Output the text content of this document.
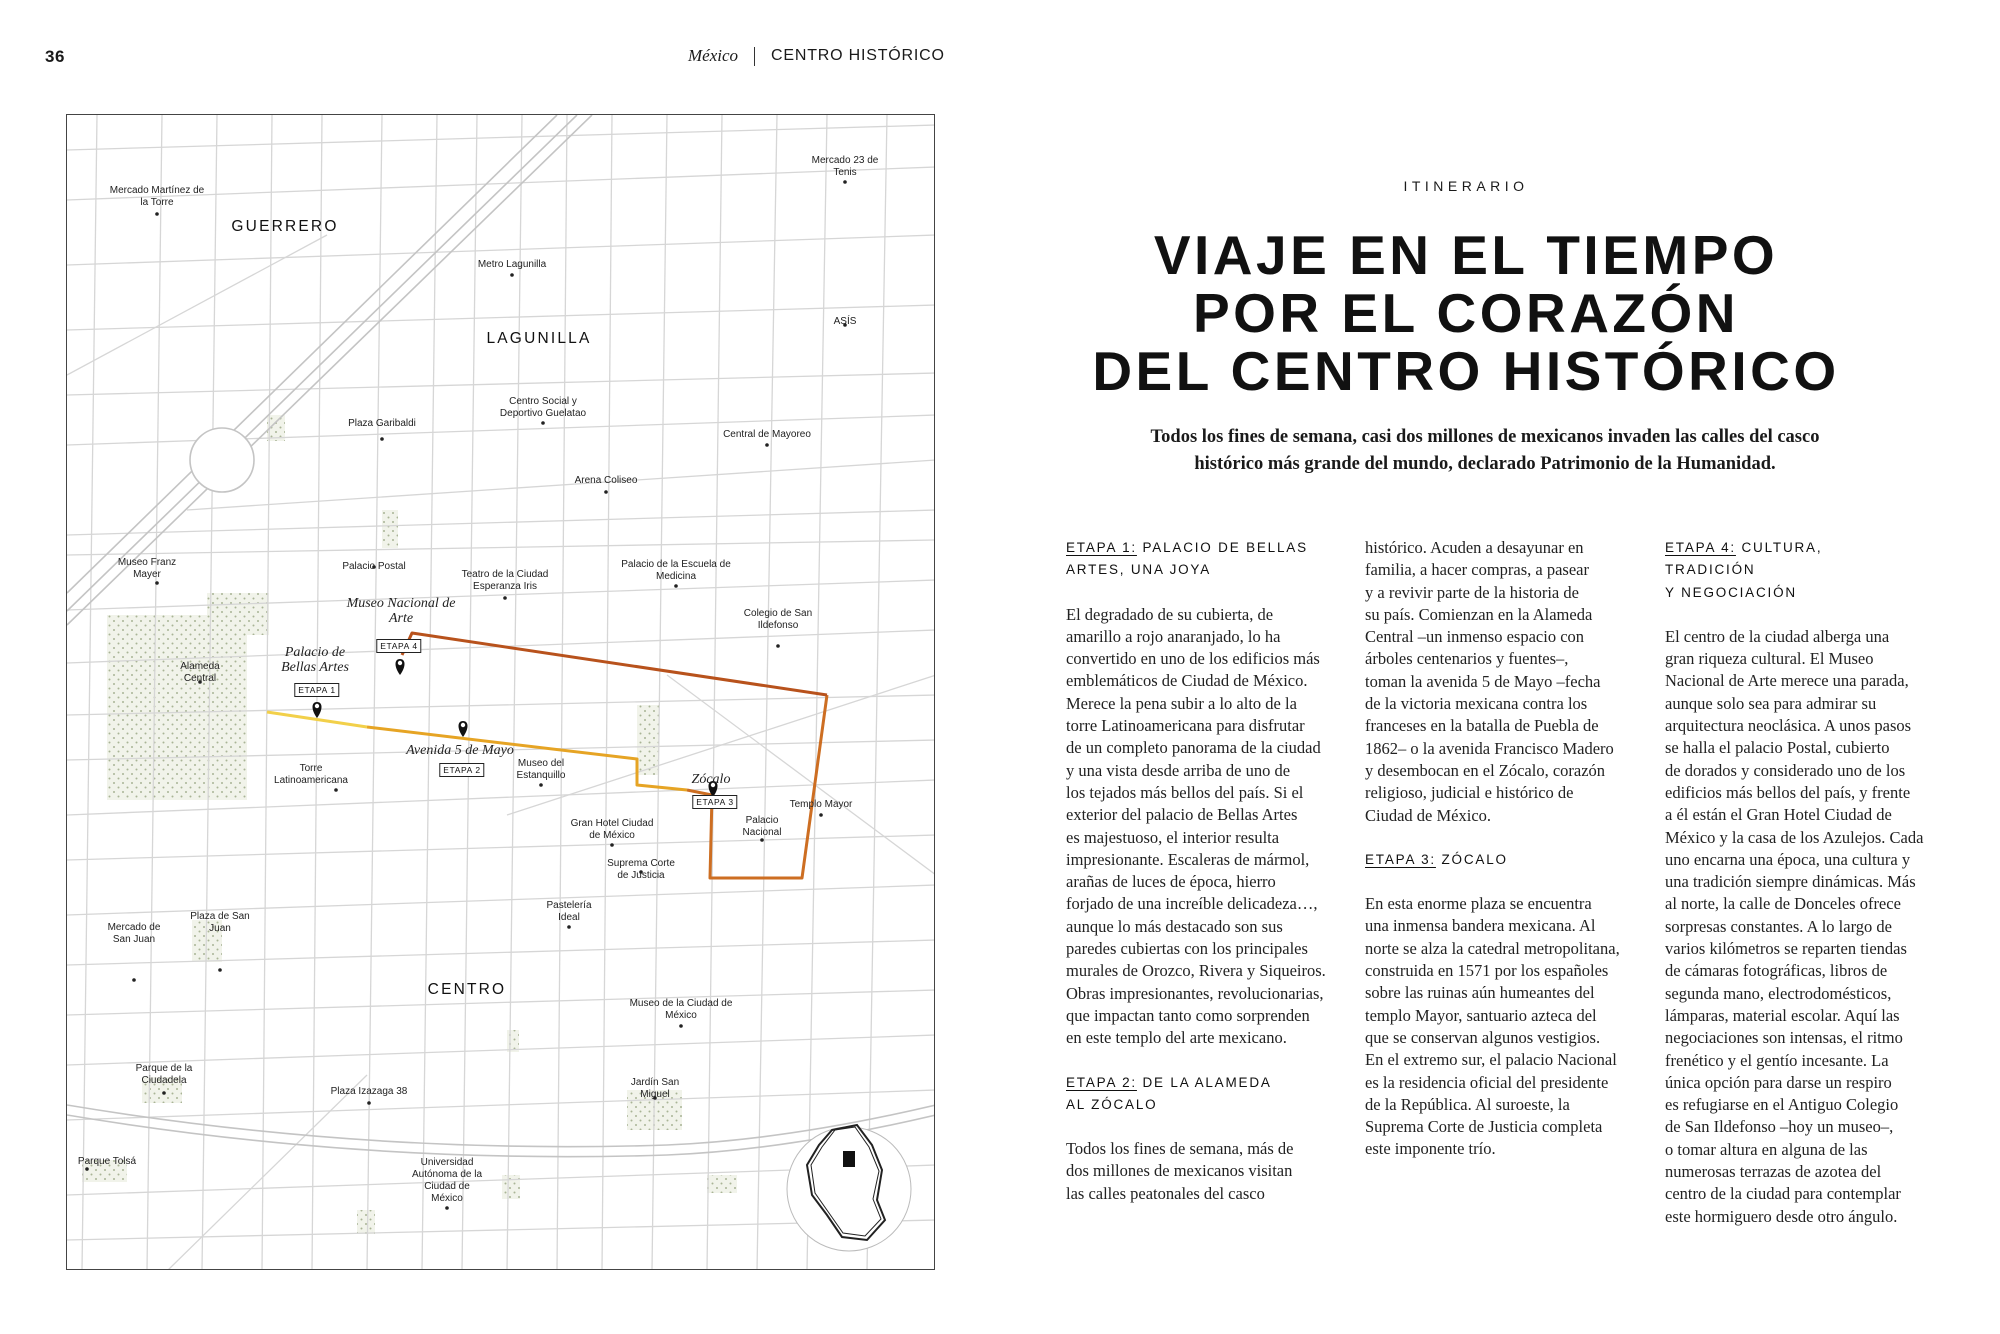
36	México CENTRO HISTÓRICO
GUERRERO
LAGUNILLA
CENTRO
Mercado Martínez de la Torre
Metro Lagunilla
Mercado 23 de Tenis
ASÍS
Plaza Garibaldi
Centro Social y Deportivo Guelatao
Central de Mayoreo
Arena Coliseo
Museo Franz Mayer
Palacio Postal
Teatro de la Ciudad Esperanza Iris
Palacio de la Escuela de Medicina
Colegio de San Ildefonso
Alameda Central
Torre Latinoamericana
Museo del Estanquillo
Templo Mayor
Gran Hotel Ciudad de México
Palacio Nacional
Suprema Corte de Justicia
Pastelería Ideal
Mercado de San Juan
Plaza de San Juan
Museo de la Ciudad de México
Parque de la Ciudadela
Plaza Izazaga 38
Jardín San Miguel
Parque Tolsá	Universidad Autónoma de la Ciudad de México
Palacio de Bellas Artes
ETAPA 1
Avenida 5 de Mayo
ETAPA 2
Zócalo
ETAPA 3
Museo Nacional de Arte
ETAPA 4
ITINERARIO
VIAJE EN EL TIEMPO
POR EL CORAZÓN
DEL CENTRO HISTÓRICO
Todos los fines de semana, casi dos millones de mexicanos invaden las calles del casco
histórico más grande del mundo, declarado Patrimonio de la Humanidad.
ETAPA 1: PALACIO DE BELLAS
ARTES, UNA JOYA

El degradado de su cubierta, de

amarillo a rojo anaranjado, lo ha

convertido en uno de los edificios más

emblemáticos de Ciudad de México.

Merece la pena subir a lo alto de la

torre Latinoamericana para disfrutar

de un completo panorama de la ciudad

y una vista desde arriba de uno de

los tejados más bellos del país. Si el

exterior del palacio de Bellas Artes

es majestuoso, el interior resulta

impresionante. Escaleras de mármol,

arañas de luces de época, hierro

forjado de una increíble delicadeza…,

aunque lo más destacado son sus

paredes cubiertas con los principales

murales de Orozco, Rivera y Siqueiros.

Obras impresionantes, revolucionarias,

que impactan tanto como sorprenden

en este templo del arte mexicano.

ETAPA 2: DE LA ALAMEDA
AL ZÓCALO

Todos los fines de semana, más de

dos millones de mexicanos visitan

las calles peatonales del casco

histórico. Acuden a desayunar en

familia, a hacer compras, a pasear

y a revivir parte de la historia de

su país. Comienzan en la Alameda

Central –un inmenso espacio con

árboles centenarios y fuentes–,

toman la avenida 5 de Mayo –fecha

de la victoria mexicana contra los

franceses en la batalla de Puebla de

1862– o la avenida Francisco Madero

y desembocan en el Zócalo, corazón

religioso, judicial e histórico de

Ciudad de México.

ETAPA 3: ZÓCALO

En esta enorme plaza se encuentra

una inmensa bandera mexicana. Al

norte se alza la catedral metropolitana,

construida en 1571 por los españoles

sobre las ruinas aún humeantes del

templo Mayor, santuario azteca del

que se conservan algunos vestigios.

En el extremo sur, el palacio Nacional

es la residencia oficial del presidente

de la República. Al suroeste, la

Suprema Corte de Justicia completa

este imponente trío.

ETAPA 4: CULTURA, TRADICIÓN
Y NEGOCIACIÓN

El centro de la ciudad alberga una

gran riqueza cultural. El Museo

Nacional de Arte merece una parada,

aunque solo sea para admirar su

arquitectura neoclásica. A unos pasos

se halla el palacio Postal, cubierto

de dorados y considerado uno de los

edificios más bellos del país, y frente

a él están el Gran Hotel Ciudad de

México y la casa de los Azulejos. Cada

uno encarna una época, una cultura y

una tradición siempre dinámicas. Más

al norte, la calle de Donceles ofrece

sorpresas constantes. A lo largo de

varios kilómetros se reparten tiendas

de cámaras fotográficas, libros de

segunda mano, electrodomésticos,

lámparas, material escolar. Aquí las

negociaciones son intensas, el ritmo

frenético y el gentío incesante. La

única opción para darse un respiro

es refugiarse en el Antiguo Colegio

de San Ildefonso –hoy un museo–,

o tomar altura en alguna de las

numerosas terrazas de azotea del

centro de la ciudad para contemplar

este hormiguero desde otro ángulo.
